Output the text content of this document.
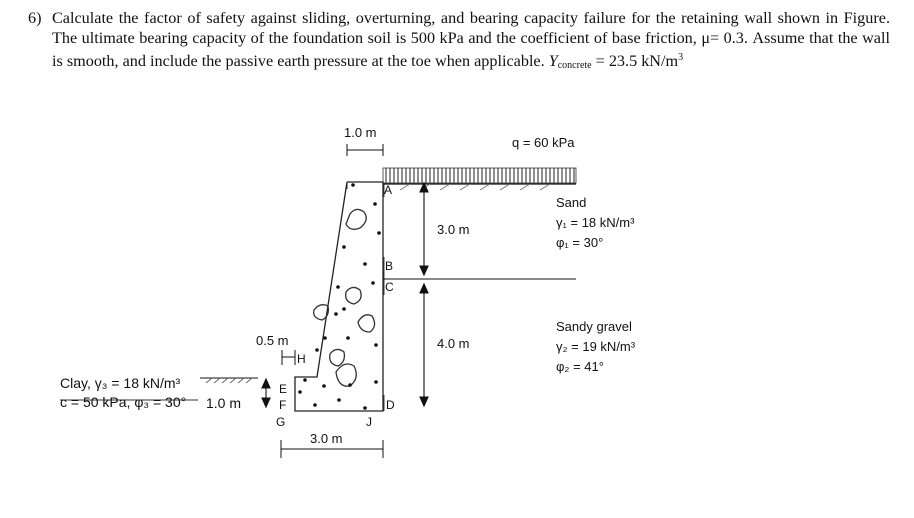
6) Calculate the factor of safety against sliding, overturning, and bearing capacity failure for the retaining wall shown in Figure. The ultimate bearing capacity of the foundation soil is 500 kPa and the coefficient of base friction, μ= 0.3. Assume that the wall is smooth, and include the passive earth pressure at the toe when applicable. $Y_{concrete} = 23.5$ $kN/m^3$
1.0 m
q = 60 kPa
A
B
C
D
E
F
G	J
0.5 m
H
3.0 m
4.0 m
Sand
γ₁ = 18 kN/m³
φ₁ = 30°
Sandy gravel
γ₂ = 19 kN/m³
φ₂ = 41°
Clay, γ₃ = 18 kN/m³
c = 50 kPa, φ₃ = 30° 1.0 m
3.0 m
